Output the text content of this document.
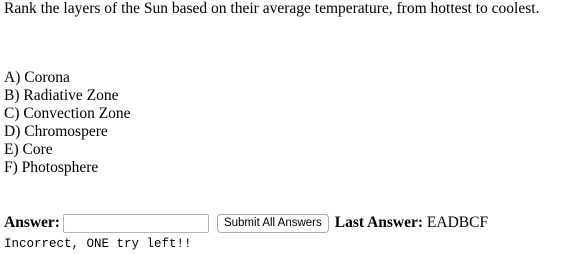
Rank the layers of the Sun based on their average temperature, from hottest to coolest.
A) Corona
B) Radiative Zone
C) Convection Zone
D) Chromospere
E) Core
F) Photosphere
Answer:	Submit All Answers Last Answer: EADBCF
Incorrect, ONE try left!!
